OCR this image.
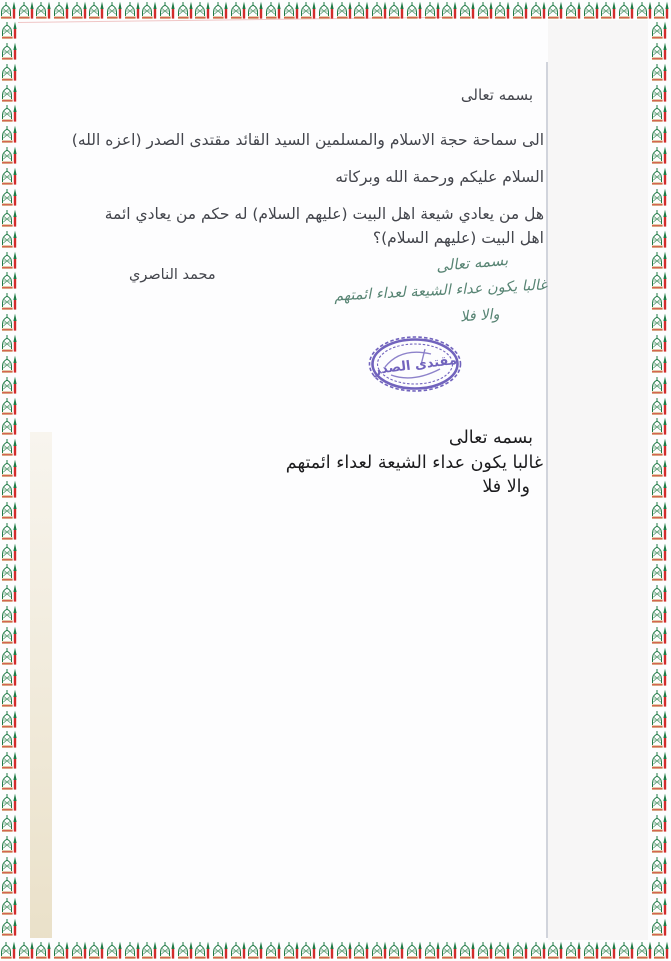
بسمه تعالى
الى سماحة حجة الاسلام والمسلمين السيد القائد مقتدى الصدر (اعزه الله)
السلام عليكم ورحمة الله وبركاته
هل من يعادي شيعة اهل البيت (عليهم السلام) له حكم من يعادي ائمة اهل البيت (عليهم السلام)؟
محمد الناصري	بسمه تعالى
غالبا يكون عداء الشيعة لعداء ائمتهم
والا فلا
مقتدى الصدر
بسمه تعالى
غالبا يكون عداء الشيعة لعداء ائمتهم
والا فلا
